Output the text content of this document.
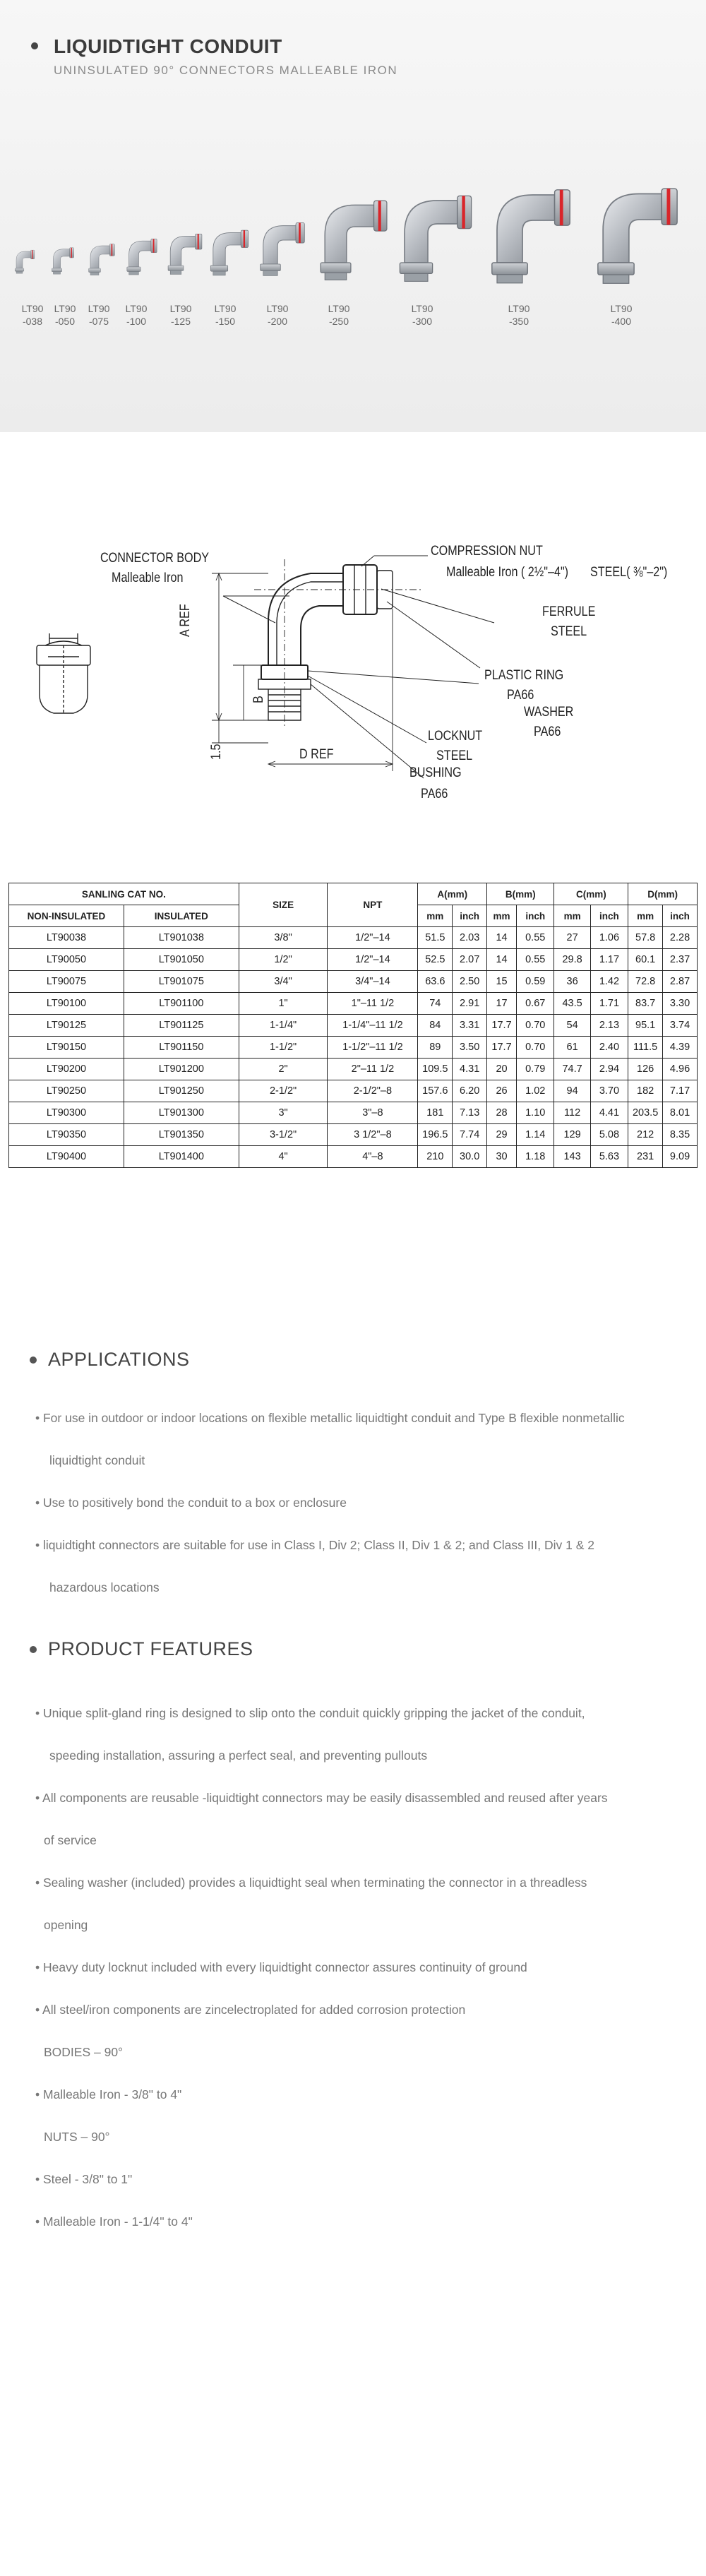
LIQUIDTIGHT CONDUIT
UNINSULATED 90° CONNECTORS MALLEABLE IRON
LT90
-038
LT90
-050
LT90
-075
LT90
-100
LT90
-125
LT90
-150
LT90
-200
LT90
-250
LT90
-300
LT90
-350
LT90
-400
CONNECTOR BODY
Malleable Iron
COMPRESSION NUT
Malleable Iron ( 2½"–4") STEEL( ⅜"–2")
FERRULE
STEEL
PLASTIC RING
PA66
WASHER
PA66
LOCKNUT
STEEL
BUSHING
PA66
A REF
B
1.5	D REF
SANLING CAT NO.		SIZE	NPT	A(mm)		B(mm)		C(mm)		D(mm)	
NON-INSULATED	INSULATED			mm	inch	mm	inch	mm	inch	mm	inch
LT90038	LT901038	3/8"	1/2"–14	51.5	2.03	14	0.55	27	1.06	57.8	2.28
LT90050	LT901050	1/2"	1/2"–14	52.5	2.07	14	0.55	29.8	1.17	60.1	2.37
LT90075	LT901075	3/4"	3/4"–14	63.6	2.50	15	0.59	36	1.42	72.8	2.87
LT90100	LT901100	1"	1"–11 1/2	74	2.91	17	0.67	43.5	1.71	83.7	3.30
LT90125	LT901125	1-1/4"	1-1/4"–11 1/2	84	3.31	17.7	0.70	54	2.13	95.1	3.74
LT90150	LT901150	1-1/2"	1-1/2"–11 1/2	89	3.50	17.7	0.70	61	2.40	111.5	4.39
LT90200	LT901200	2"	2"–11 1/2	109.5	4.31	20	0.79	74.7	2.94	126	4.96
LT90250	LT901250	2-1/2"	2-1/2"–8	157.6	6.20	26	1.02	94	3.70	182	7.17
LT90300	LT901300	3"	3"–8	181	7.13	28	1.10	112	4.41	203.5	8.01
LT90350	LT901350	3-1/2"	3 1/2"–8	196.5	7.74	29	1.14	129	5.08	212	8.35
LT90400	LT901400	4"	4"–8	210	30.0	30	1.18	143	5.63	231	9.09
APPLICATIONS
• For use in outdoor or indoor locations on flexible metallic liquidtight conduit and Type B flexible nonmetallic
liquidtight conduit
• Use to positively bond the conduit to a box or enclosure
• liquidtight connectors are suitable for use in Class I, Div 2; Class II, Div 1 & 2; and Class III, Div 1 & 2
hazardous locations
PRODUCT FEATURES
• Unique split-gland ring is designed to slip onto the conduit quickly gripping the jacket of the conduit,
speeding installation, assuring a perfect seal, and preventing pullouts
• All components are reusable -liquidtight connectors may be easily disassembled and reused after years
of service
• Sealing washer (included) provides a liquidtight seal when terminating the connector in a threadless
opening
• Heavy duty locknut included with every liquidtight connector assures continuity of ground
• All steel/iron components are zincelectroplated for added corrosion protection
BODIES – 90°
• Malleable Iron - 3/8" to 4"
NUTS – 90°
• Steel - 3/8" to 1"
• Malleable Iron - 1-1/4" to 4"
